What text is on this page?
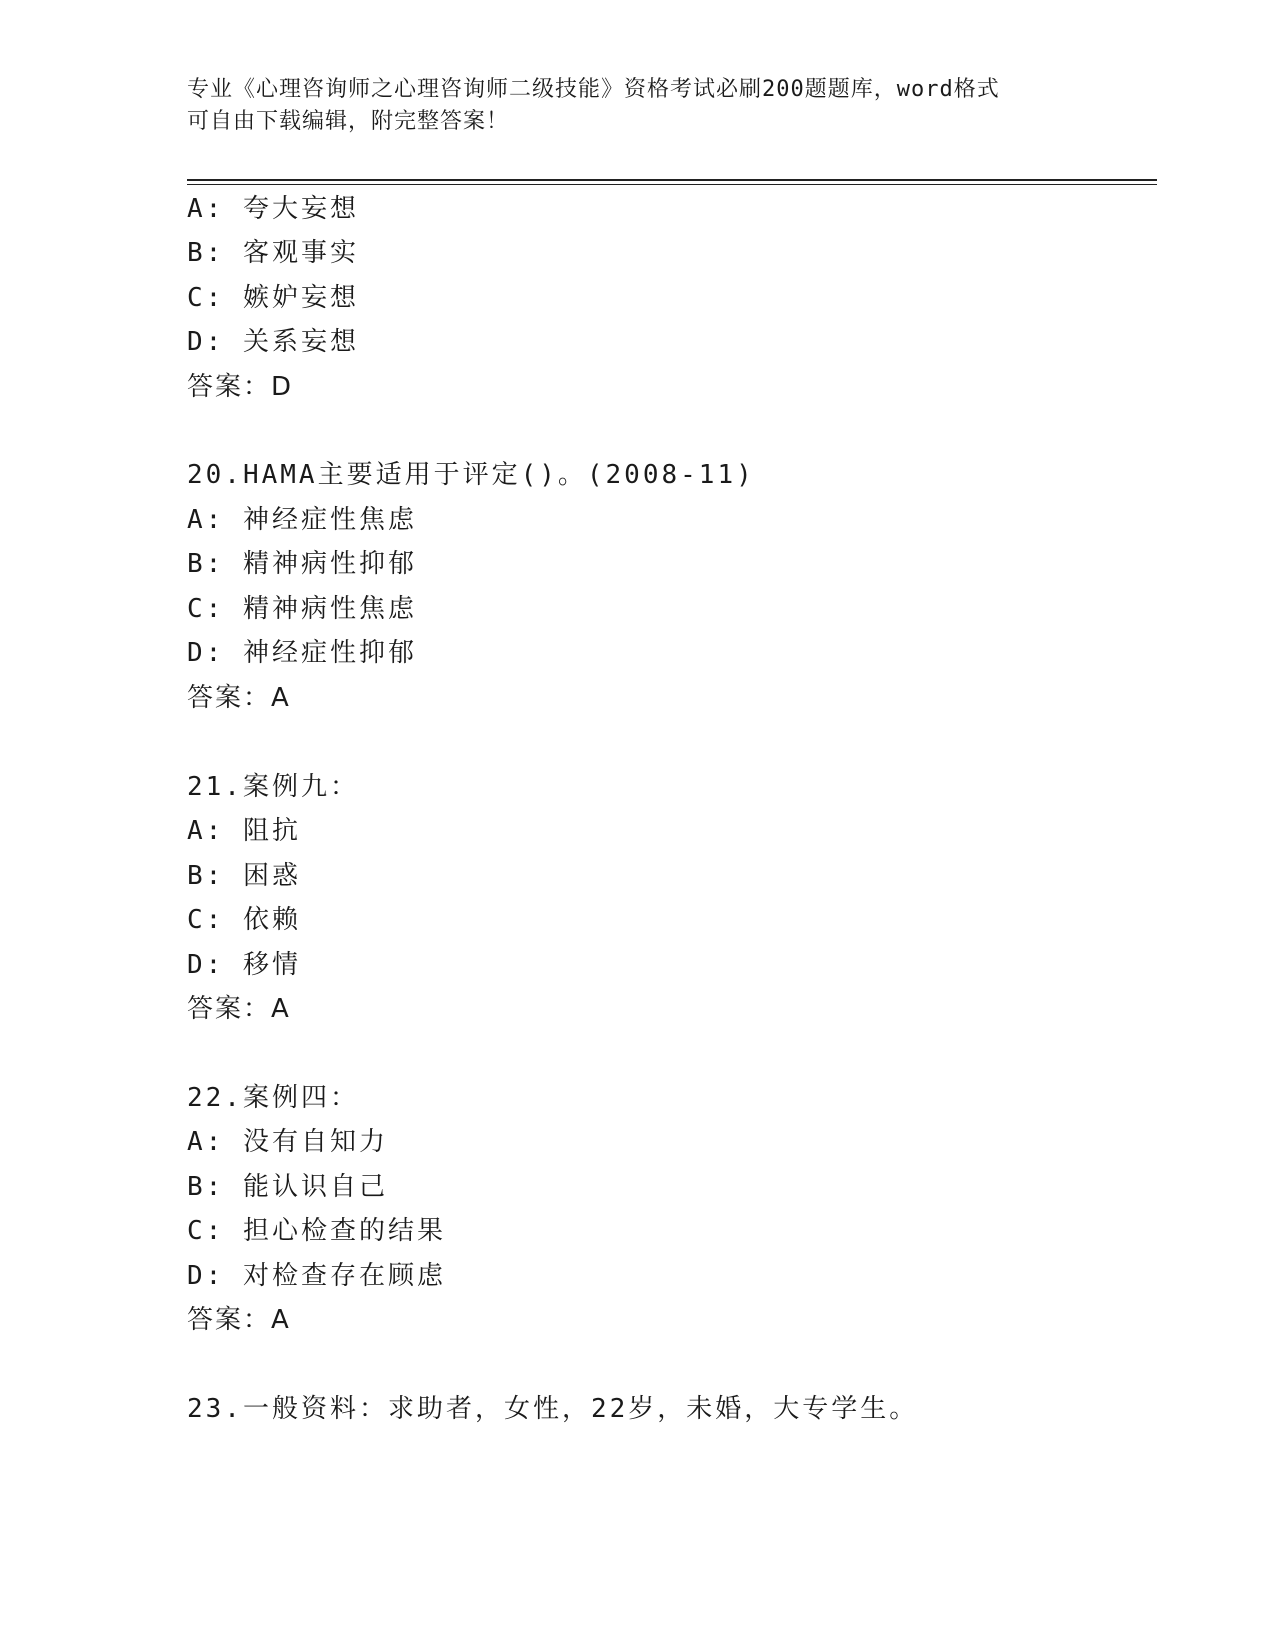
专业《心理咨询师之心理咨询师二级技能》资格考试必刷200题题库，word格式
可自由下载编辑，附完整答案！
A: 夸大妄想
B: 客观事实
C: 嫉妒妄想
D: 关系妄想
答案：D
20.HAMA主要适用于评定()。(2008-11)
A: 神经症性焦虑
B: 精神病性抑郁
C: 精神病性焦虑
D: 神经症性抑郁
答案：A
21.案例九：
A: 阻抗
B: 困惑
C: 依赖
D: 移情
答案：A
22.案例四：
A: 没有自知力
B: 能认识自己
C: 担心检查的结果
D: 对检查存在顾虑
答案：A
23.一般资料：求助者，女性，22岁，未婚，大专学生。
